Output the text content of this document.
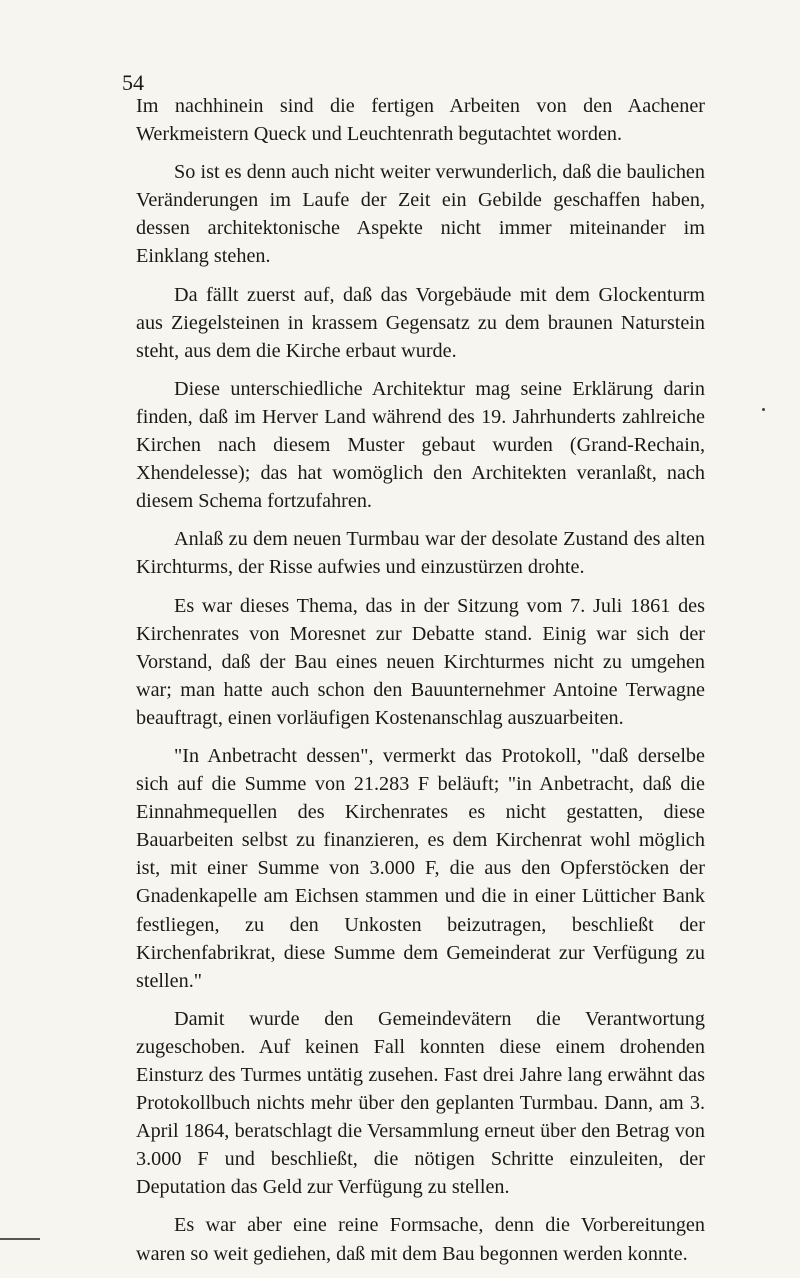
54

Im nachhinein sind die fertigen Arbeiten von den Aachener Werkmeistern Queck und Leuchtenrath begutachtet worden.

So ist es denn auch nicht weiter verwunderlich, daß die baulichen Veränderungen im Laufe der Zeit ein Gebilde geschaffen haben, dessen architektonische Aspekte nicht immer miteinander im Einklang stehen.

Da fällt zuerst auf, daß das Vorgebäude mit dem Glockenturm aus Ziegelsteinen in krassem Gegensatz zu dem braunen Naturstein steht, aus dem die Kirche erbaut wurde.

Diese unterschiedliche Architektur mag seine Erklärung darin finden, daß im Herver Land während des 19. Jahrhunderts zahlreiche Kirchen nach diesem Muster gebaut wurden (Grand-Rechain, Xhendelesse); das hat womöglich den Architekten veranlaßt, nach diesem Schema fortzufahren.

Anlaß zu dem neuen Turmbau war der desolate Zustand des alten Kirchturms, der Risse aufwies und einzustürzen drohte.

Es war dieses Thema, das in der Sitzung vom 7. Juli 1861 des Kirchenrates von Moresnet zur Debatte stand. Einig war sich der Vorstand, daß der Bau eines neuen Kirchturmes nicht zu umgehen war; man hatte auch schon den Bauunternehmer Antoine Terwagne beauftragt, einen vorläufigen Kostenanschlag auszuarbeiten.

"In Anbetracht dessen", vermerkt das Protokoll, "daß derselbe sich auf die Summe von 21.283 F beläuft; "in Anbetracht, daß die Einnahmequellen des Kirchenrates es nicht gestatten, diese Bauarbeiten selbst zu finanzieren, es dem Kirchenrat wohl möglich ist, mit einer Summe von 3.000 F, die aus den Opferstöcken der Gnadenkapelle am Eichsen stammen und die in einer Lütticher Bank festliegen, zu den Unkosten beizutragen, beschließt der Kirchenfabrikrat, diese Summe dem Gemeinderat zur Verfügung zu stellen."

Damit wurde den Gemeindevätern die Verantwortung zugeschoben. Auf keinen Fall konnten diese einem drohenden Einsturz des Turmes untätig zusehen. Fast drei Jahre lang erwähnt das Protokollbuch nichts mehr über den geplanten Turmbau. Dann, am 3. April 1864, beratschlagt die Versammlung erneut über den Betrag von 3.000 F und beschließt, die nötigen Schritte einzuleiten, der Deputation das Geld zur Verfügung zu stellen.

Es war aber eine reine Formsache, denn die Vorbereitungen waren so weit gediehen, daß mit dem Bau begonnen werden konnte.
